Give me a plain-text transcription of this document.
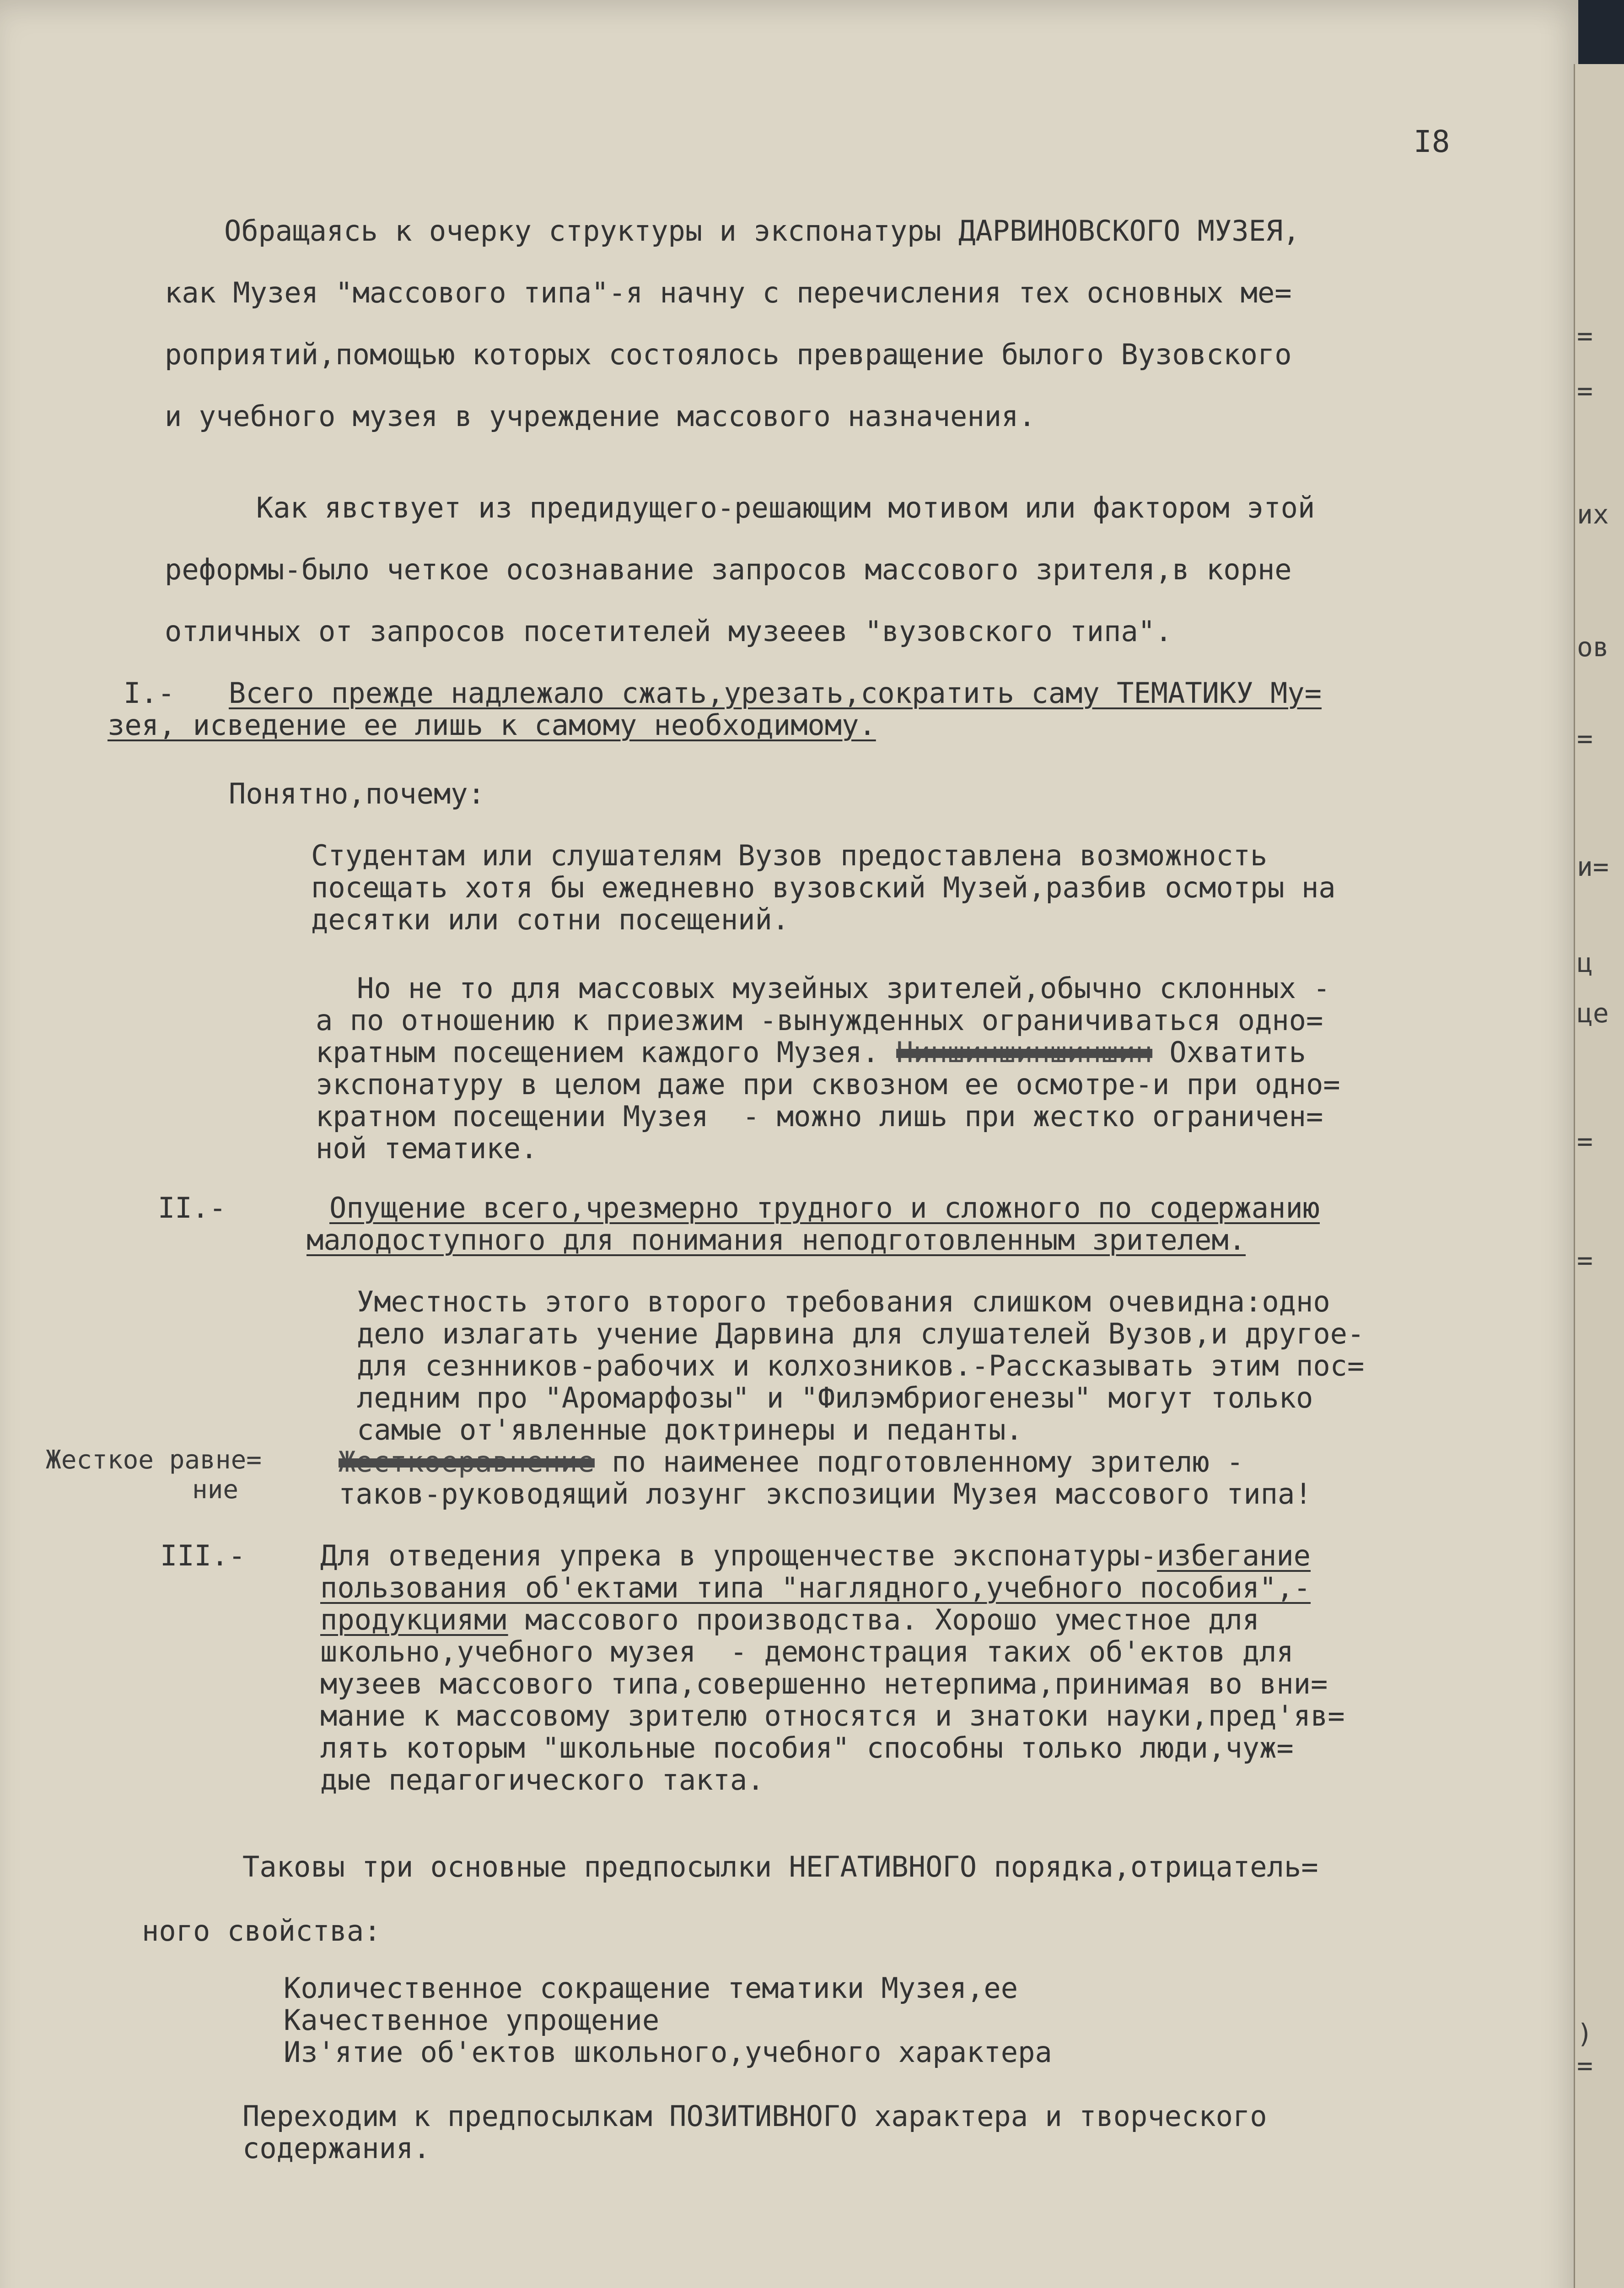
=
=
их
ов
=
и=
ц
це
=
=
)
=
I8
Обращаясь к очерку структуры и экспонатуры ДАРВИНОВСКОГО МУЗЕЯ,
как Музея "массового типа"-я начну с перечисления тех основных ме=
роприятий,помощью которых состоялось превращение былого Вузовского
и учебного музея в учреждение массового назначения.
Как явствует из предидущего-решающим мотивом или фактором этой
реформы-было четкое осознавание запросов массового зрителя,в корне
отличных от запросов посетителей музееев "вузовского типа".
I.- Всего прежде надлежало сжать,урезать,сократить саму ТЕМАТИКУ Му=
зея, исведение ее лишь к самому необходимому.
Понятно,почему:
Студентам или слушателям Вузов предоставлена возможность
посещать хотя бы ежедневно вузовский Музей,разбив осмотры на
десятки или сотни посещений.
Но не то для массовых музейных зрителей,обычно склонных -
а по отношению к приезжим -вынужденных ограничиваться одно=
кратным посещением каждого Музея. Ниншиншиншиншин Охватить
экспонатуру в целом даже при сквозном ее осмотре-и при одно=
кратном посещении Музея  - можно лишь при жестко ограничен=
ной тематике.
II.-	Опущение всего,чрезмерно трудного и сложного по содержанию
малодоступного для понимания неподготовленным зрителем.
Уместность этого второго требования слишком очевидна:одно
дело излагать учение Дарвина для слушателей Вузов,и другое-
для сезнников-рабочих и колхозников.-Рассказывать этим пос=
ледним про "Аромарфозы" и "Филэмбриогенезы" могут только
самые от'явленные доктринеры и педанты.
Жесткое равне=
ние
Жесткоеравнение по наименее подготовленному зрителю -
таков-руководящий лозунг экспозиции Музея массового типа!
III.-	Для отведения упрека в упрощенчестве экспонатуры-избегание
пользования об'ектами типа "наглядного,учебного пособия",-
продукциями массового производства. Хорошо уместное для
школьно,учебного музея  - демонстрация таких об'ектов для
музеев массового типа,совершенно нетерпима,принимая во вни=
мание к массовому зрителю относятся и знатоки науки,пред'яв=
лять которым "школьные пособия" способны только люди,чуж=
дые педагогического такта.
Таковы три основные предпосылки НЕГАТИВНОГО порядка,отрицатель=
ного свойства:
Количественное сокращение тематики Музея,ее
Качественное упрощение
Из'ятие об'ектов школьного,учебного характера
Переходим к предпосылкам ПОЗИТИВНОГО характера и творческого
содержания.
